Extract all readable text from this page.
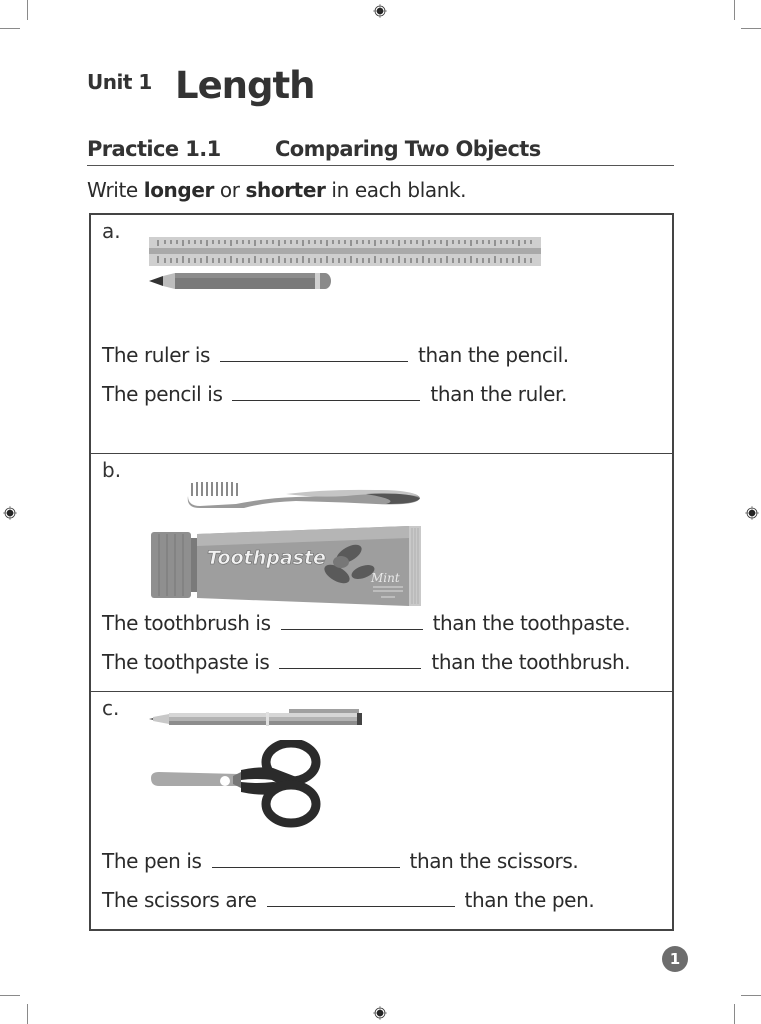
Unit 1 Length
Practice 1.1	Comparing Two Objects
Write longer or shorter in each blank.
a.
The ruler is	than the pencil.
The pencil is	than the ruler.
b.
Toothpaste
Mint
The toothbrush is	than the toothpaste.
The toothpaste is	than the toothbrush.
c.
The pen is	than the scissors.
The scissors are	than the pen.
1
